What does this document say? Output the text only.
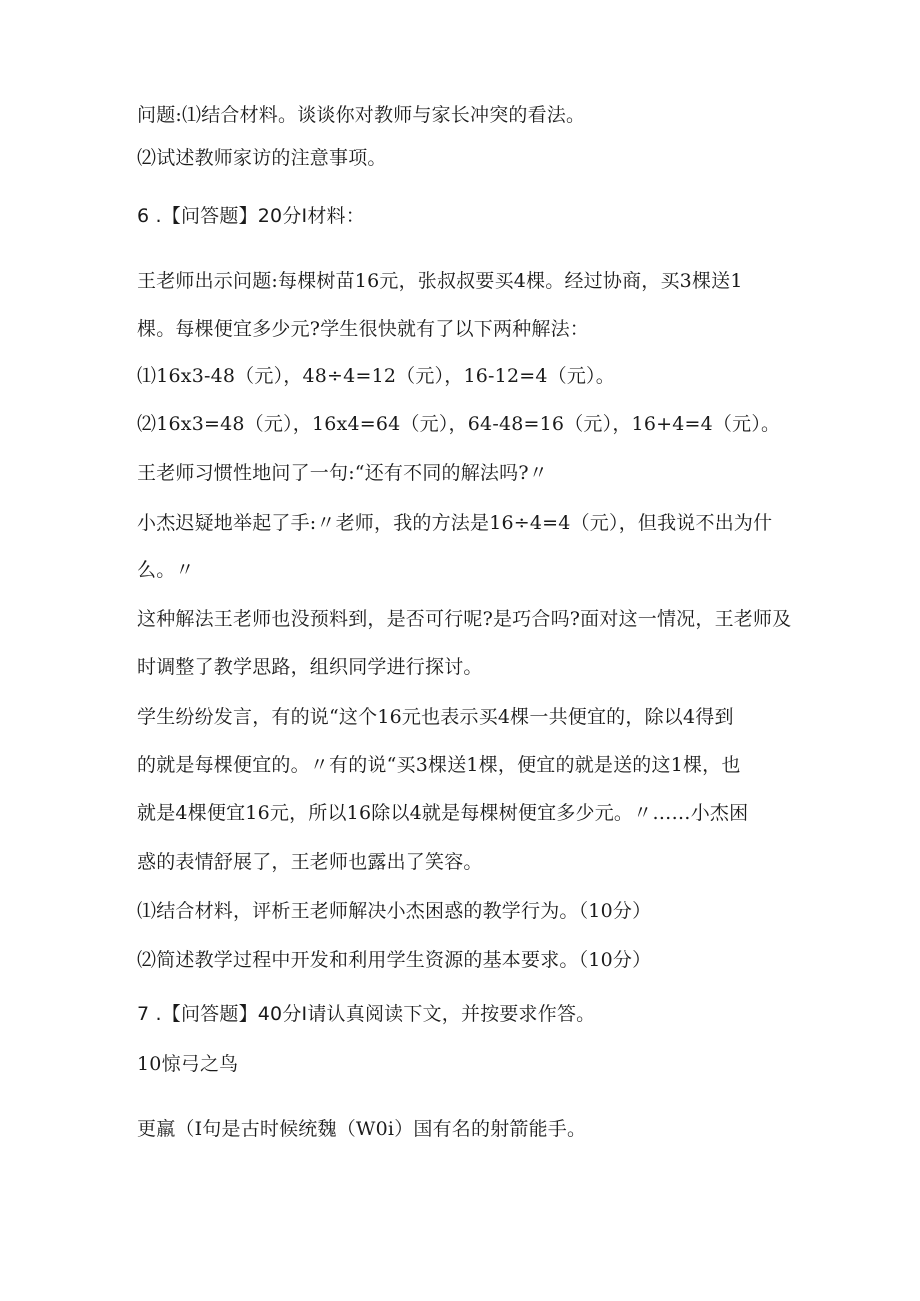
问题:⑴结合材料。谈谈你对教师与家长冲突的看法。
⑵试述教师家访的注意事项。
6 .【问答题】20分I材料：
王老师出示问题:每棵树苗16元，张叔叔要买4棵。经过协商，买3棵送1
棵。每棵便宜多少元?学生很快就有了以下两种解法：
⑴16x3-48（元），48÷4=12（元），16-12=4（元）。
⑵16x3=48（元），16x4=64（元），64-48=16（元），16+4=4（元）。
王老师习惯性地问了一句:“还有不同的解法吗?〃
小杰迟疑地举起了手:〃老师，我的方法是16÷4=4（元），但我说不出为什
么。〃
这种解法王老师也没预料到，是否可行呢?是巧合吗?面对这一情况，王老师及
时调整了教学思路，组织同学进行探讨。
学生纷纷发言，有的说“这个16元也表示买4棵一共便宜的，除以4得到
的就是每棵便宜的。〃有的说“买3棵送1棵，便宜的就是送的这1棵，也
就是4棵便宜16元，所以16除以4就是每棵树便宜多少元。〃……小杰困
惑的表情舒展了，王老师也露出了笑容。
⑴结合材料，评析王老师解决小杰困惑的教学行为。（10分）
⑵简述教学过程中开发和利用学生资源的基本要求。（10分）
7 .【问答题】40分I请认真阅读下文，并按要求作答。
10惊弓之鸟
更羸（I句是古时候统魏（W0i）国有名的射箭能手。
